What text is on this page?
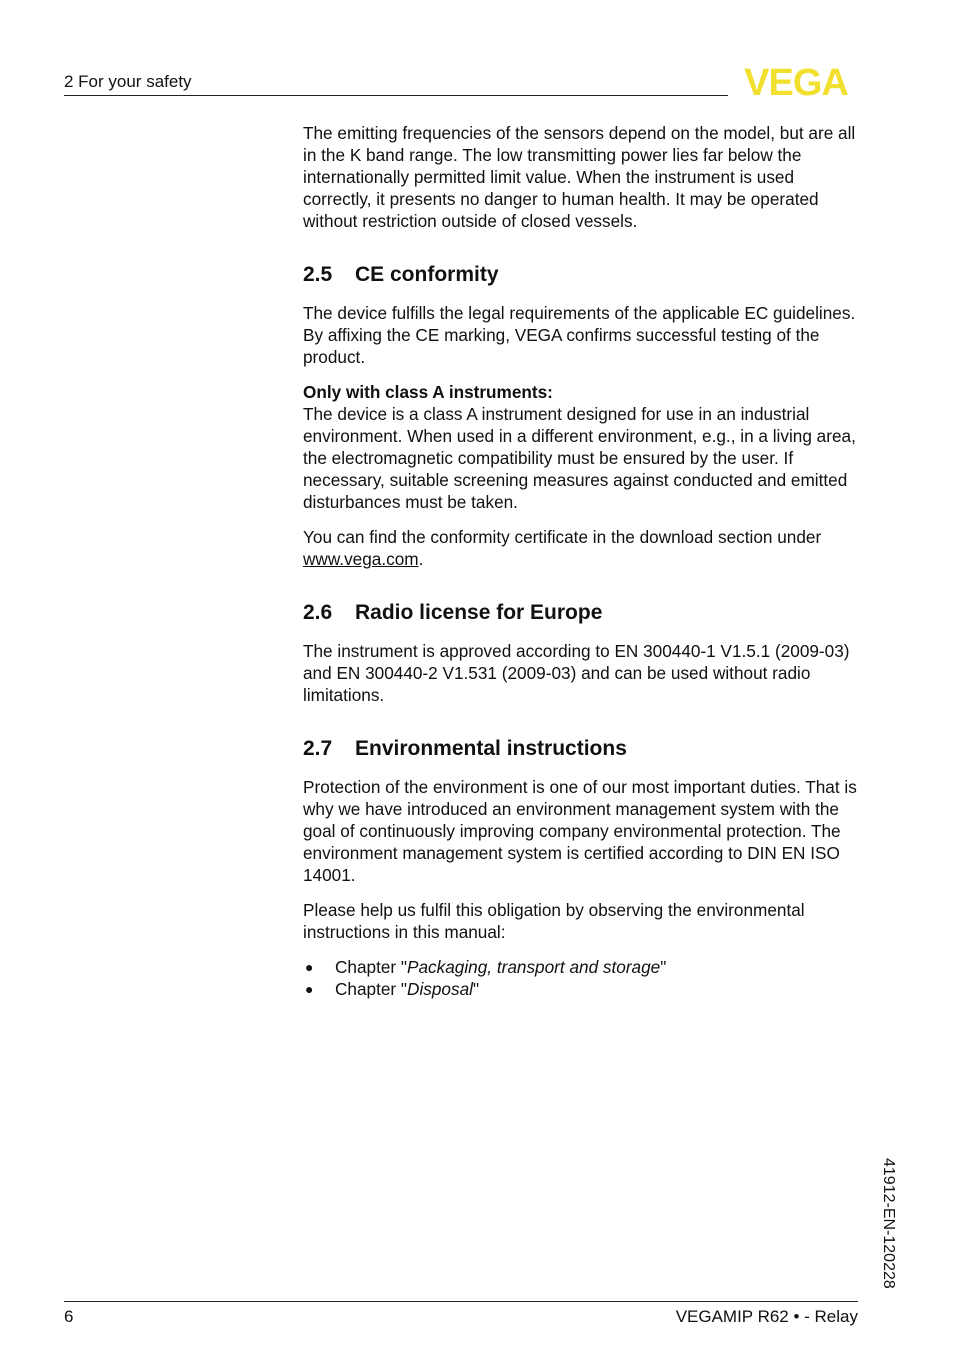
2 For your safety	VEGA

The emitting frequencies of the sensors depend on the model, but are all in the K band range. The low transmitting power lies far below the internationally permitted limit value. When the instrument is used correctly, it presents no danger to human health. It may be operated without restriction outside of closed vessels.

2.5 CE conformity

The device fulfills the legal requirements of the applicable EC guidelines. By affixing the CE marking, VEGA confirms successful testing of the product.

Only with class A instruments:
The device is a class A instrument designed for use in an industrial environment. When used in a different environment, e.g., in a living area, the electromagnetic compatibility must be ensured by the user. If necessary, suitable screening measures against conducted and emitted disturbances must be taken.

You can find the conformity certificate in the download section under
www.vega.com.

2.6 Radio license for Europe

The instrument is approved according to EN 300440-1 V1.5.1 (2009-03) and EN 300440-2 V1.531 (2009-03) and can be used without radio limitations.

2.7 Environmental instructions

Protection of the environment is one of our most important duties. That is why we have introduced an environment management system with the goal of continuously improving company environmental protection. The environment management system is certified according to DIN EN ISO 14001.

Please help us fulfil this obligation by observing the environmental instructions in this manual:

● Chapter "Packaging, transport and storage"
● Chapter "Disposal"
41912-EN-120228
6	VEGAMIP R62 • - Relay
